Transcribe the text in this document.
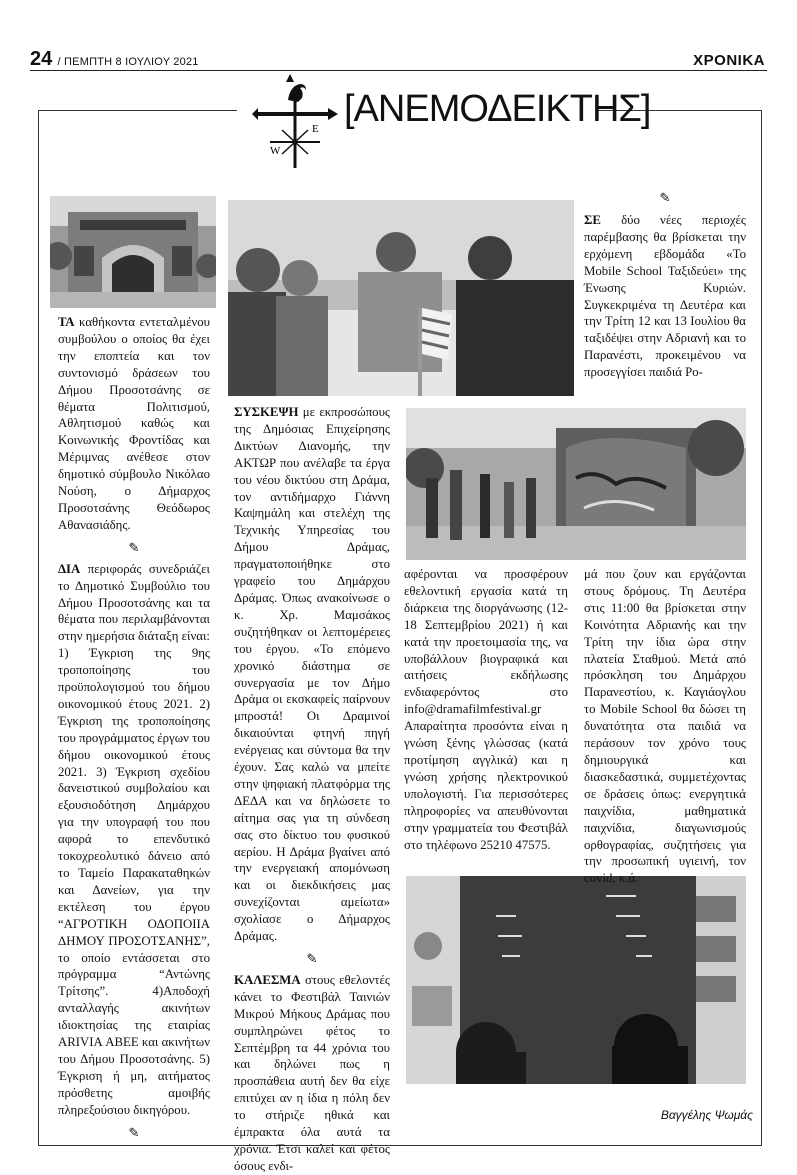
24 / ΠΕΜΠΤΗ 8 ΙΟΥΛΙΟΥ 2021	ΧΡΟΝΙΚΑ
W
E [ΑΝΕΜΟΔΕΙΚΤΗΣ]

ΤΑ καθήκοντα εντεταλμένου συμβούλου ο οποίος θα έχει την εποπτεία και τον συντονισμό δράσεων του Δήμου Προσοτσάνης σε θέματα Πολιτισμού, Αθλητισμού καθώς και Κοινωνικής Φροντίδας και Μέριμνας ανέθεσε στον δημοτικό σύμβουλο Νικόλαο Νούση, ο Δήμαρχος Προσοτσάνης Θεόδωρος Αθανασιάδης.

✎

ΔΙΑ περιφοράς συνεδριάζει το Δημοτικό Συμβούλιο του Δήμου Προσοτσάνης και τα θέματα που περιλαμβάνονται στην ημερήσια διάταξη είναι: 1) Έγκριση της 9ης τροποποίησης του προϋπολογισμού του δήμου οικονομικού έτους 2021. 2) Έγκριση της τροποποίησης του προγράμματος έργων του δήμου οικονομικού έτους 2021. 3) Έγκριση σχεδίου δανειστικού συμβολαίου και εξουσιοδότηση Δημάρχου για την υπογραφή του που αφορά το επενδυτικό τοκοχρεολυτικό δάνειο από το Ταμείο Παρακαταθηκών και Δανείων, για την εκτέλεση του έργου “ΑΓΡΟΤΙΚΗ ΟΔΟΠΟΙΙΑ ΔΗΜΟΥ ΠΡΟΣΟΤΣΑΝΗΣ”, το οποίο εντάσσεται στο πρόγραμμα “Αντώνης Τρίτσης”. 4)Αποδοχή ανταλλαγής ακινήτων ιδιοκτησίας της εταιρίας ARIVIA ΑΒΕΕ και ακινήτων του Δήμου Προσοτσάνης. 5) Έγκριση ή μη, αιτήματος πρόσθετης αμοιβής πληρεξούσιου δικηγόρου.

✎

ΣΥΣΚΕΨΗ με εκπροσώπους της Δημόσιας Επιχείρησης Δικτύων Διανομής, την ΑΚΤΩΡ που ανέλαβε τα έργα του νέου δικτύου στη Δράμα, τον αντιδήμαρχο Γιάννη Καψημάλη και στελέχη της Τεχνικής Υπηρεσίας του Δήμου Δράμας, πραγματοποιήθηκε στο γραφείο του Δημάρχου Δράμας. Όπως ανακοίνωσε ο κ. Χρ. Μαμσάκος συζητήθηκαν οι λεπτομέρειες του έργου. «Το επόμενο χρονικό διάστημα σε συνεργασία με τον Δήμο Δράμα οι εκσκαφείς παίρνουν μπροστά! Οι Δραμινοί δικαιούνται φτηνή πηγή ενέργειας και σύντομα θα την έχουν. Σας καλώ να μπείτε στην ψηφιακή πλατφόρμα της ΔΕΔΑ και να δηλώσετε το αίτημα σας για τη σύνδεση σας στο δίκτυο του φυσικού αερίου. Η Δράμα βγαίνει από την ενεργειακή απομόνωση και οι διεκδικήσεις μας συνεχίζονται αμείωτα» σχολίασε ο Δήμαρχος Δράμας.

✎

ΚΑΛΕΣΜΑ στους εθελοντές κάνει το Φεστιβάλ Ταινιών Μικρού Μήκους Δράμας που συμπληρώνει φέτος το Σεπτέμβρη τα 44 χρόνια του και δηλώνει πως η προσπάθεια αυτή δεν θα είχε επιτύχει αν η ίδια η πόλη δεν το στήριζε ηθικά και έμπρακτα όλα αυτά τα χρόνια. Έτσι καλεί και φέτος όσους ενδι-

αφέρονται να προσφέρουν εθελοντική εργασία κατά τη διάρκεια της διοργάνωσης (12-18 Σεπτεμβρίου 2021) ή και κατά την προετοιμασία της, να υποβάλλουν βιογραφικά και αιτήσεις εκδήλωσης ενδιαφερόντος στο info@dramafilmfestival.gr Απαραίτητα προσόντα είναι η γνώση ξένης γλώσσας (κατά προτίμηση αγγλικά) και η γνώση χρήσης ηλεκτρονικού υπολογιστή. Για περισσότερες πληροφορίες να απευθύνονται στην γραμματεία του Φεστιβάλ στο τηλέφωνο 25210 47575.

✎

ΣΕ δύο νέες περιοχές παρέμβασης θα βρίσκεται την ερχόμενη εβδομάδα «Το Mobile School Ταξιδεύει» της Ένωσης Κυριών. Συγκεκριμένα τη Δευτέρα και την Τρίτη 12 και 13 Ιουλίου θα ταξιδέψει στην Αδριανή και το Παρανέστι, προκειμένου να προσεγγίσει παιδιά Ρο-

μά που ζουν και εργάζονται στους δρόμους. Τη Δευτέρα στις 11:00 θα βρίσκεται στην Κοινότητα Αδριανής και την Τρίτη την ίδια ώρα στην πλατεία Σταθμού. Μετά από πρόσκληση του Δημάρχου Παρανεστίου, κ. Καγιάογλου το Mobile School θα δώσει τη δυνατότητα στα παιδιά να περάσουν τον χρόνο τους δημιουργικά και διασκεδαστικά, συμμετέχοντας σε δράσεις όπως: ενεργητικά παιχνίδια, μαθηματικά παιχνίδια, διαγωνισμούς ορθογραφίας, συζητήσεις για την προσωπική υγιεινή, τον covid, κ.ά.

Βαγγέλης Ψωμάς
